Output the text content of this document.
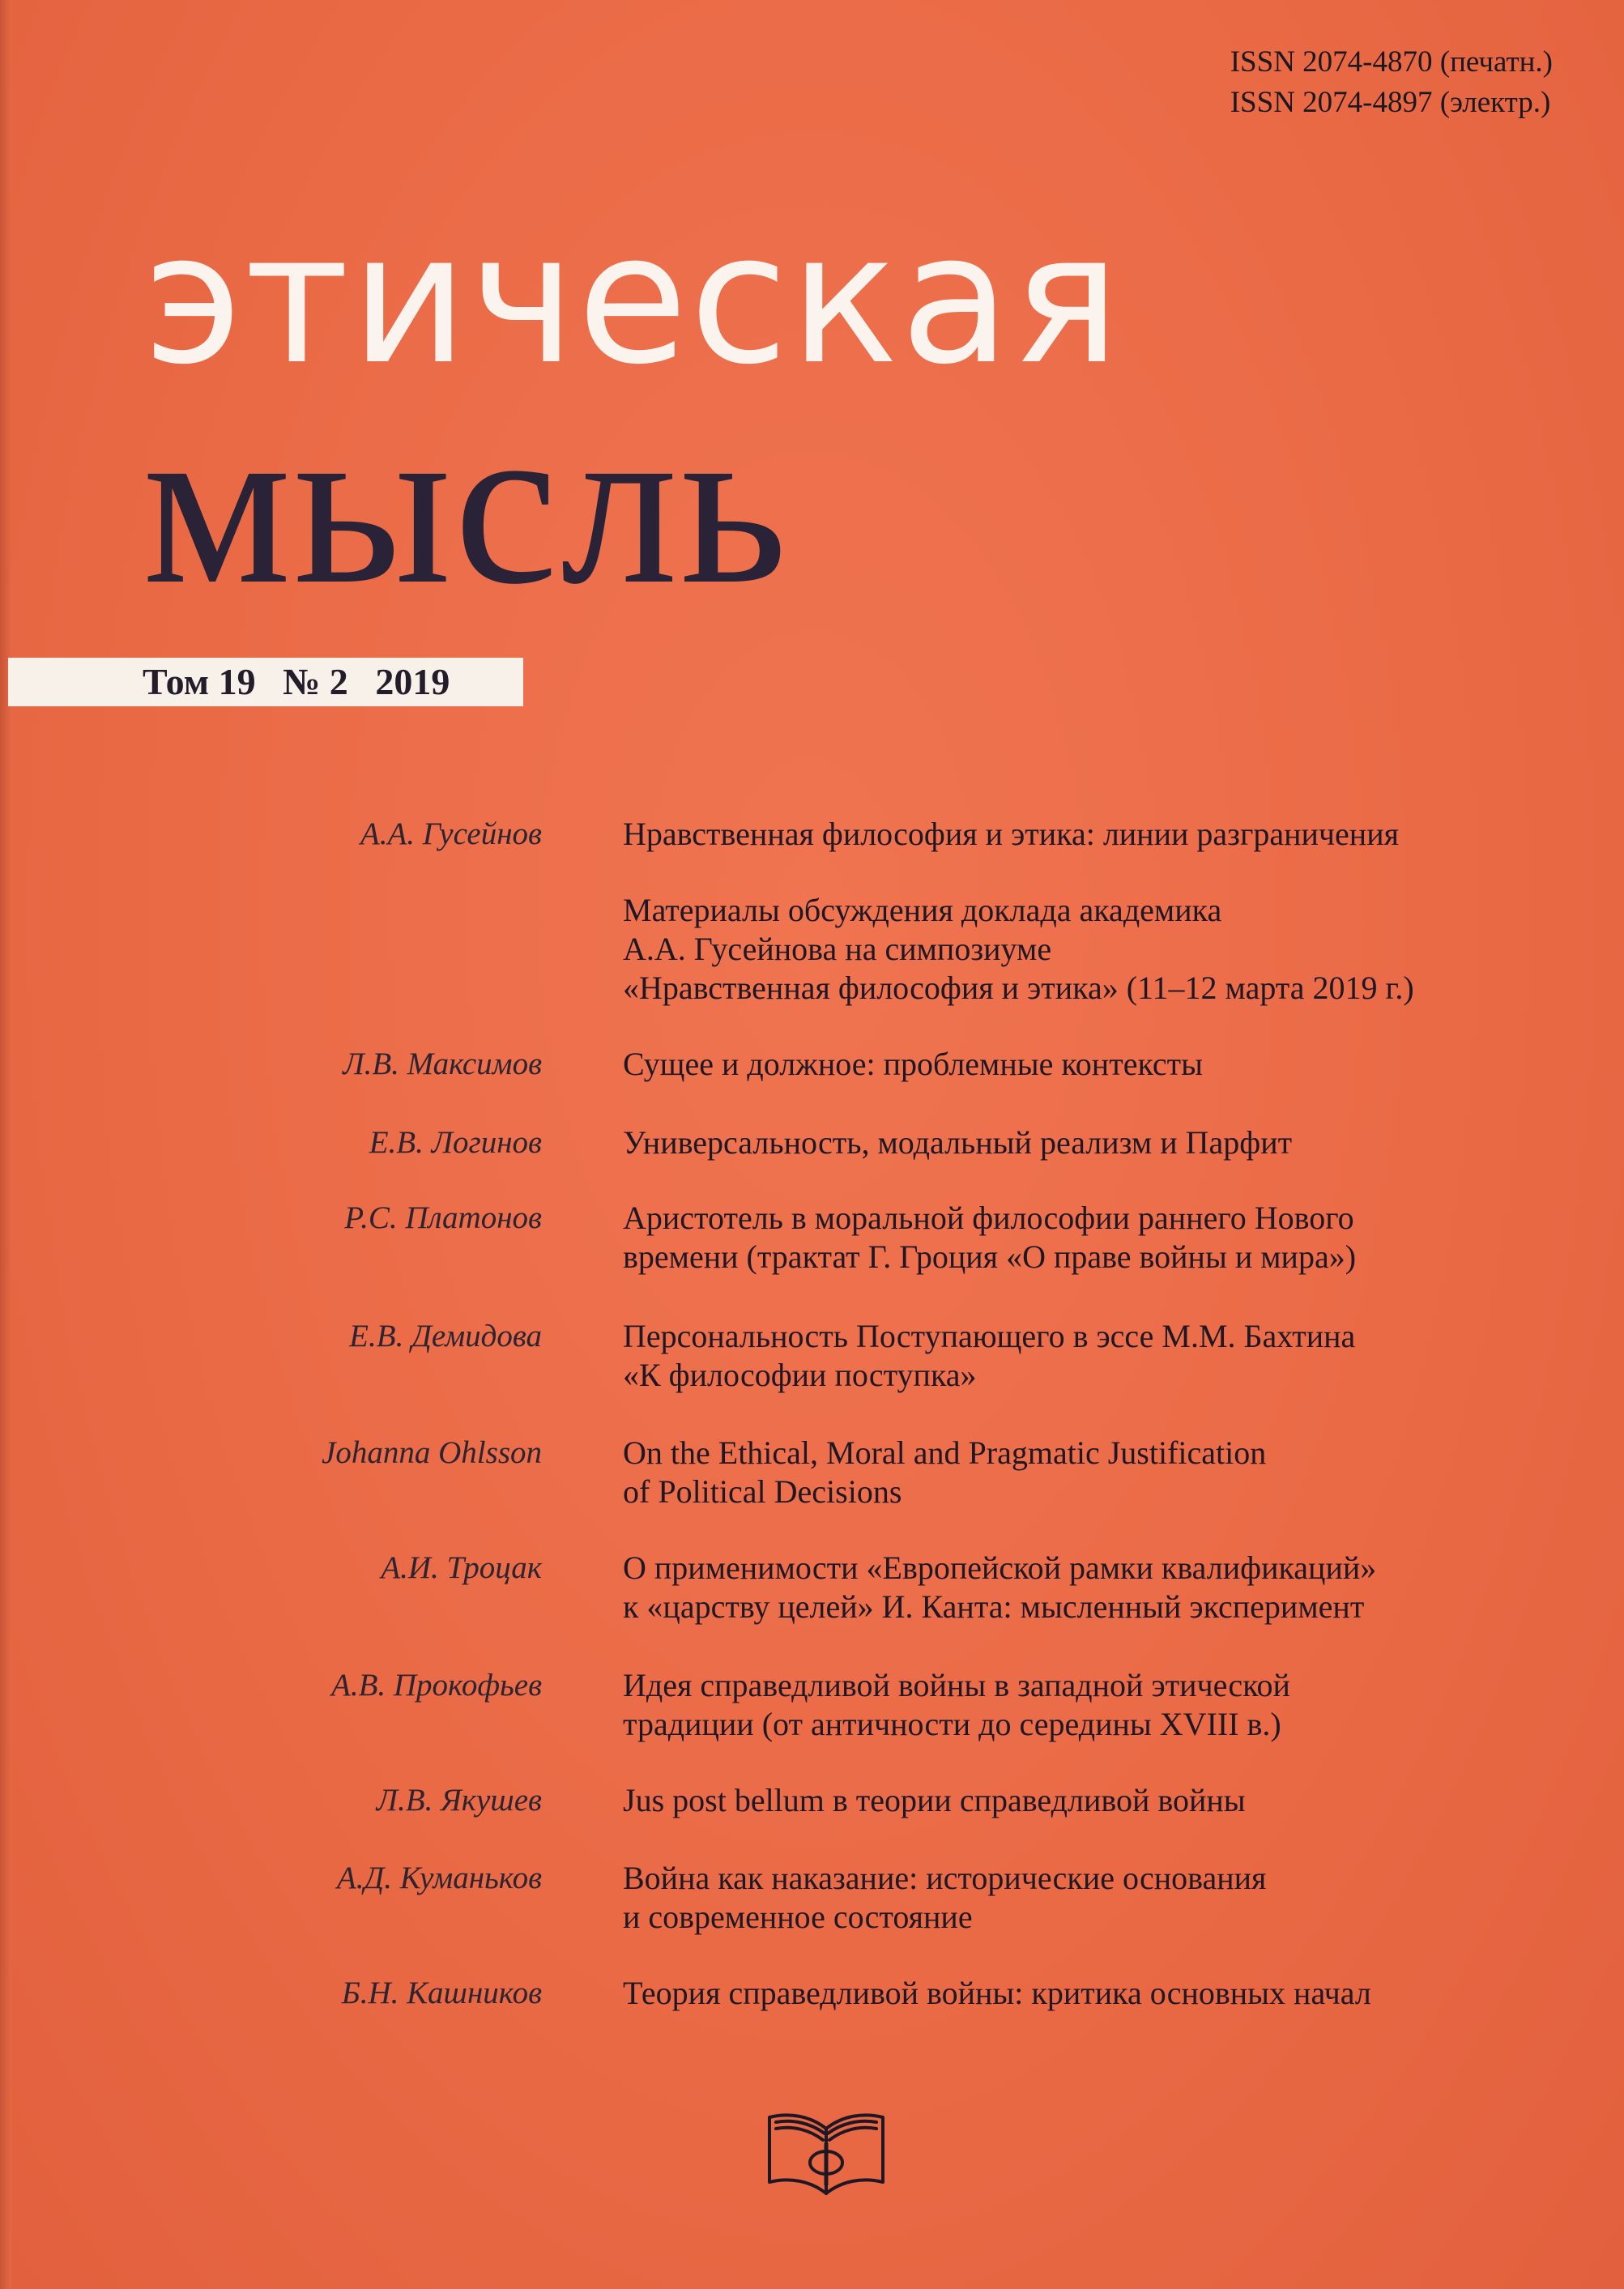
ISSN 2074-4870 (печатн.)
ISSN 2074-4897 (электр.)
этическая
мысль
Том 19 № 2 2019
А.А. Гусейнов	Нравственная философия и этика: линии разграничения
Материалы обсуждения доклада академика
А.А. Гусейнова на симпозиуме
«Нравственная философия и этика» (11–12 марта 2019 г.)
Л.В. Максимов	Сущее и должное: проблемные контексты
Е.В. Логинов	Универсальность, модальный реализм и Парфит
Р.С. Платонов	Аристотель в моральной философии раннего Нового
времени (трактат Г. Гроция «О праве войны и мира»)
Е.В. Демидова	Персональность Поступающего в эссе М.М. Бахтина
«К философии поступка»
Johanna Ohlsson	On the Ethical, Moral and Pragmatic Justification
of Political Decisions
А.И. Троцак	О применимости «Европейской рамки квалификаций»
к «царству целей» И. Канта: мысленный эксперимент
А.В. Прокофьев	Идея справедливой войны в западной этической
традиции (от античности до середины XVIII в.)
Л.В. Якушев	Jus post bellum в теории справедливой войны
А.Д. Куманьков	Война как наказание: исторические основания
и современное состояние
Б.Н. Кашников	Теория справедливой войны: критика основных начал
